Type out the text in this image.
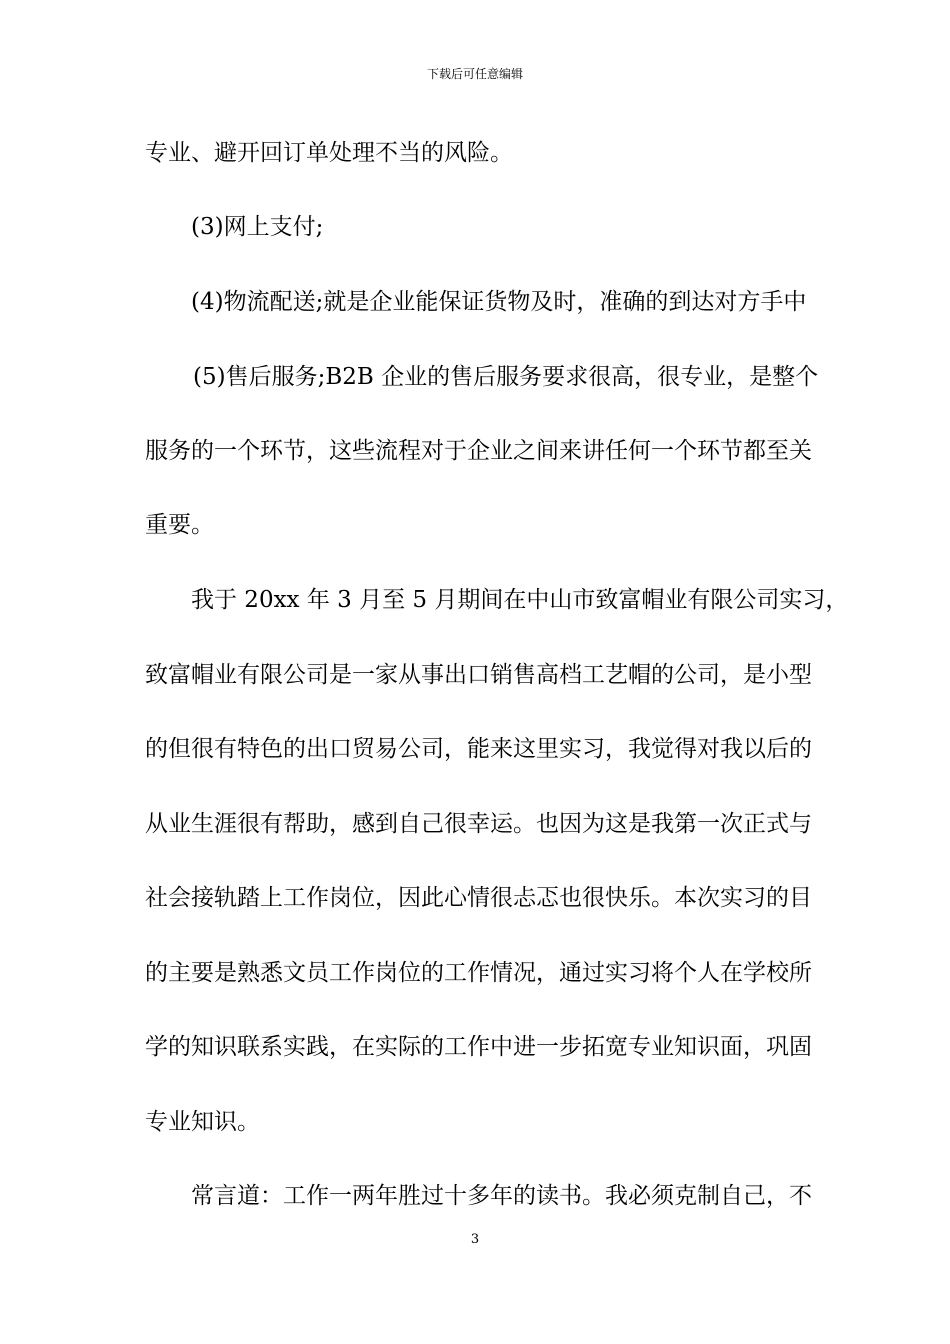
下载后可任意编辑
专业、避开回订单处理不当的风险。
(3)网上支付;
(4)物流配送;就是企业能保证货物及时，准确的到达对方手中
(5)售后服务;B2B 企业的售后服务要求很高，很专业，是整个
服务的一个环节，这些流程对于企业之间来讲任何一个环节都至关
重要。
我于 20xx 年 3 月至 5 月期间在中山市致富帽业有限公司实习，
致富帽业有限公司是一家从事出口销售高档工艺帽的公司，是小型
的但很有特色的出口贸易公司，能来这里实习，我觉得对我以后的
从业生涯很有帮助，感到自己很幸运。也因为这是我第一次正式与
社会接轨踏上工作岗位，因此心情很忐忑也很快乐。本次实习的目
的主要是熟悉文员工作岗位的工作情况，通过实习将个人在学校所
学的知识联系实践，在实际的工作中进一步拓宽专业知识面，巩固
专业知识。
常言道：工作一两年胜过十多年的读书。我必须克制自己，不
3
